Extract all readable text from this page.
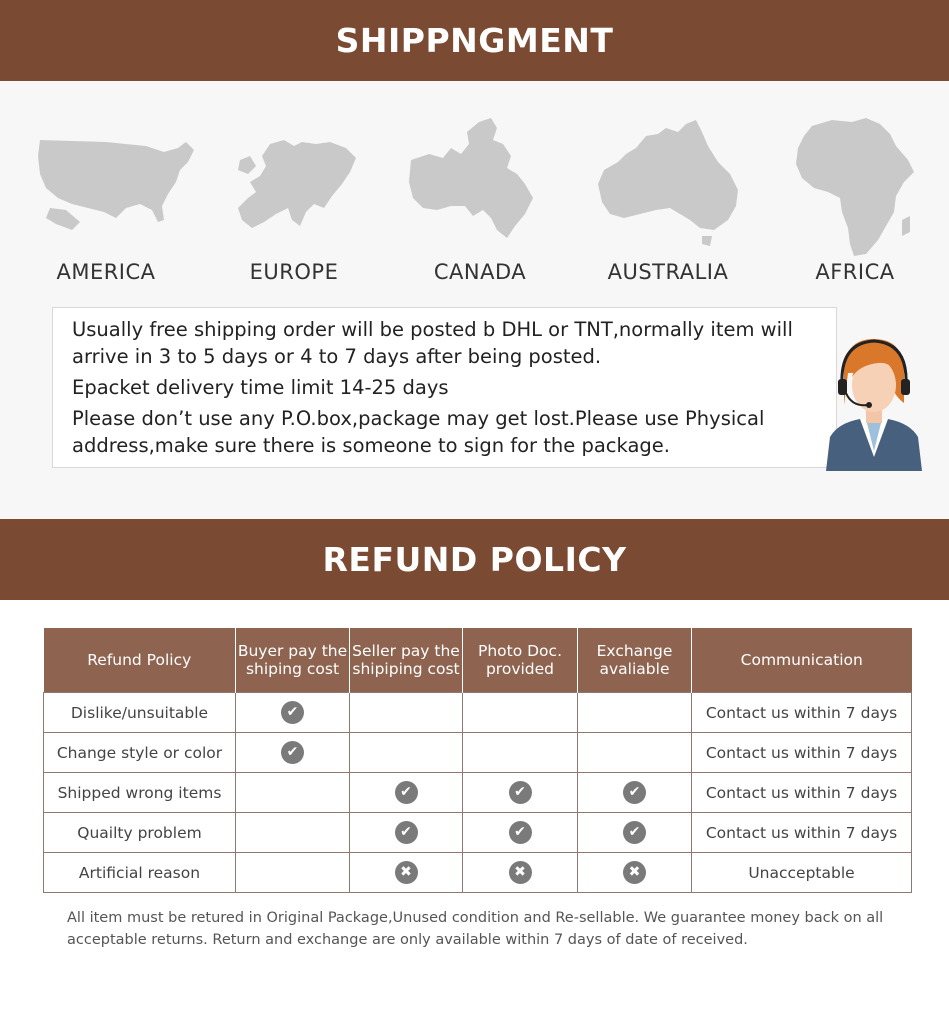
SHIPPNGMENT
AMERICA	EUROPE	CANADA	AUSTRALIA	AFRICA

Usually free shipping order will be posted b DHL or TNT,normally item will arrive in 3 to 5 days or 4 to 7 days after being posted.

Epacket delivery time limit 14-25 days

Please don’t use any P.O.box,package may get lost.Please use Physical address,make sure there is someone to sign for the package.

REFUND POLICY
Refund Policy	Buyer pay the shiping cost	Seller pay the shipiping cost	Photo Doc. provided	Exchange avaliable	Communication
Dislike/unsuitable	✔				Contact us within 7 days
Change style or color	✔				Contact us within 7 days
Shipped wrong items		✔	✔	✔	Contact us within 7 days
Quailty problem		✔	✔	✔	Contact us within 7 days
Artificial reason		✖	✖	✖	Unacceptable

All item must be retured in Original Package,Unused condition and Re-sellable. We guarantee money back on all acceptable returns. Return and exchange are only available within 7 days of date of received.
